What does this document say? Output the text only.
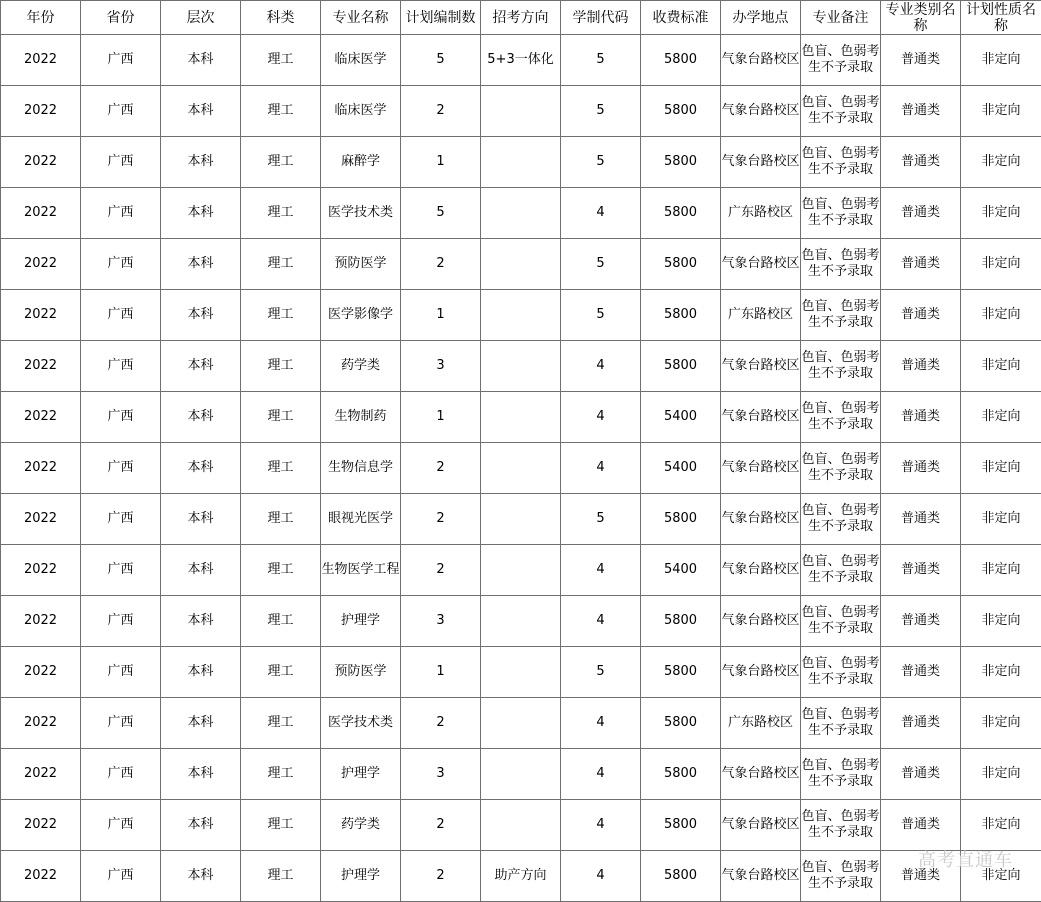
年份	省份	层次	科类	专业名称	计划编制数	招考方向	学制代码	收费标准	办学地点	专业备注	专业类别名称	计划性质名称
2022	广西	本科	理工	临床医学	5	5+3一体化	5	5800	气象台路校区	色盲、色弱考生不予录取	普通类	非定向
2022	广西	本科	理工	临床医学	2		5	5800	气象台路校区	色盲、色弱考生不予录取	普通类	非定向
2022	广西	本科	理工	麻醉学	1		5	5800	气象台路校区	色盲、色弱考生不予录取	普通类	非定向
2022	广西	本科	理工	医学技术类	5		4	5800	广东路校区	色盲、色弱考生不予录取	普通类	非定向
2022	广西	本科	理工	预防医学	2		5	5800	气象台路校区	色盲、色弱考生不予录取	普通类	非定向
2022	广西	本科	理工	医学影像学	1		5	5800	广东路校区	色盲、色弱考生不予录取	普通类	非定向
2022	广西	本科	理工	药学类	3		4	5800	气象台路校区	色盲、色弱考生不予录取	普通类	非定向
2022	广西	本科	理工	生物制药	1		4	5400	气象台路校区	色盲、色弱考生不予录取	普通类	非定向
2022	广西	本科	理工	生物信息学	2		4	5400	气象台路校区	色盲、色弱考生不予录取	普通类	非定向
2022	广西	本科	理工	眼视光医学	2		5	5800	气象台路校区	色盲、色弱考生不予录取	普通类	非定向
2022	广西	本科	理工	生物医学工程	2		4	5400	气象台路校区	色盲、色弱考生不予录取	普通类	非定向
2022	广西	本科	理工	护理学	3		4	5800	气象台路校区	色盲、色弱考生不予录取	普通类	非定向
2022	广西	本科	理工	预防医学	1		5	5800	气象台路校区	色盲、色弱考生不予录取	普通类	非定向
2022	广西	本科	理工	医学技术类	2		4	5800	广东路校区	色盲、色弱考生不予录取	普通类	非定向
2022	广西	本科	理工	护理学	3		4	5800	气象台路校区	色盲、色弱考生不予录取	普通类	非定向
2022	广西	本科	理工	药学类	2		4	5800	气象台路校区	色盲、色弱考生不予录取	普通类	非定向
2022	广西	本科	理工	护理学	2	助产方向	4	5800	气象台路校区	色盲、色弱考生不予录取	普通类	非定向
高考直通车
